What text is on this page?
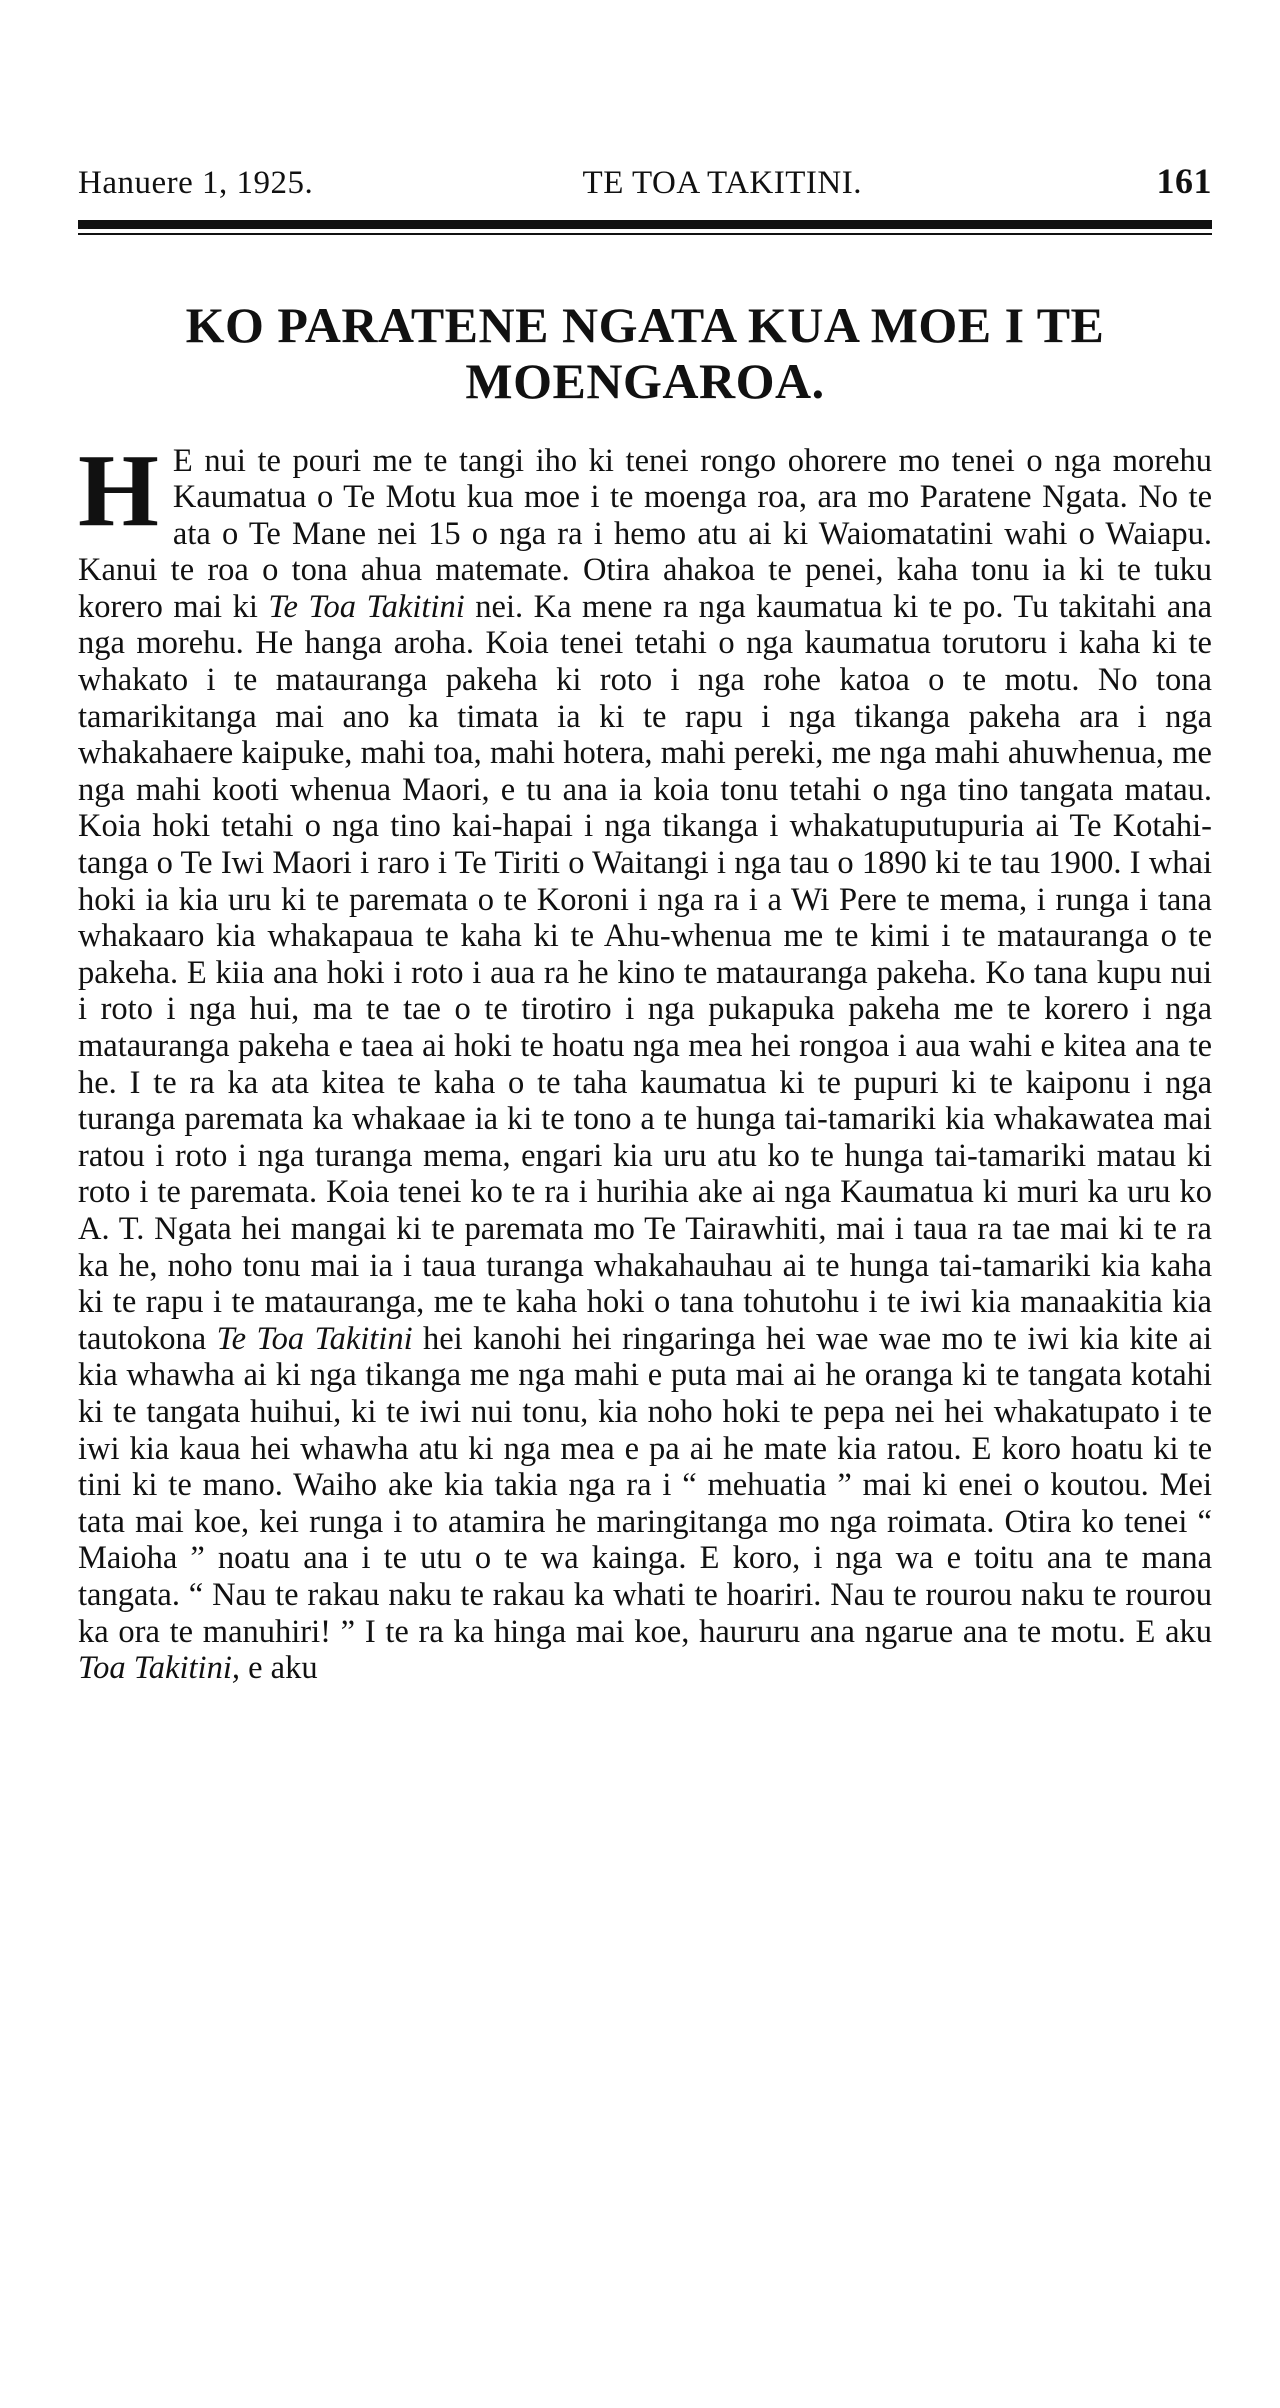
Hanuere 1, 1925.	TE TOA TAKITINI.	161
KO PARATENE NGATA KUA MOE I TE MOENGAROA.
H E nui te pouri me te tangi iho ki tenei rongo ohorere mo tenei o nga morehu Kaumatua o Te Motu kua moe i te moenga roa, ara mo Paratene Ngata. No te ata o Te Mane nei 15 o nga ra i hemo atu ai ki Waiomatatini wahi o Waiapu. Kanui te roa o tona ahua matemate. Otira ahakoa te penei, kaha tonu ia ki te tuku korero mai ki Te Toa Takitini nei. Ka mene ra nga kaumatua ki te po. Tu takitahi ana nga morehu. He hanga aroha. Koia tenei tetahi o nga kaumatua torutoru i kaha ki te whakato i te matauranga pakeha ki roto i nga rohe katoa o te motu. No tona tamarikitanga mai ano ka timata ia ki te rapu i nga tikanga pakeha ara i nga whakahaere kaipuke, mahi toa, mahi hotera, mahi pereki, me nga mahi ahuwhenua, me nga mahi kooti whenua Maori, e tu ana ia koia tonu tetahi o nga tino tangata matau. Koia hoki tetahi o nga tino kai-hapai i nga tikanga i whakatuputupuria ai Te Kotahitanga o Te Iwi Maori i raro i Te Tiriti o Waitangi i nga tau o 1890 ki te tau 1900. I whai hoki ia kia uru ki te paremata o te Koroni i nga ra i a Wi Pere te mema, i runga i tana whakaaro kia whakapaua te kaha ki te Ahu-whenua me te kimi i te matauranga o te pakeha. E kiia ana hoki i roto i aua ra he kino te matauranga pakeha. Ko tana kupu nui i roto i nga hui, ma te tae o te tirotiro i nga pukapuka pakeha me te korero i nga matauranga pakeha e taea ai hoki te hoatu nga mea hei rongoa i aua wahi e kitea ana te he. I te ra ka ata kitea te kaha o te taha kaumatua ki te pupuri ki te kaiponu i nga turanga paremata ka whakaae ia ki te tono a te hunga tai-tamariki kia whakawatea mai ratou i roto i nga turanga mema, engari kia uru atu ko te hunga tai-tamariki matau ki roto i te paremata. Koia tenei ko te ra i hurihia ake ai nga Kaumatua ki muri ka uru ko A. T. Ngata hei mangai ki te paremata mo Te Tairawhiti, mai i taua ra tae mai ki te ra ka he, noho tonu mai ia i taua turanga whakahauhau ai te hunga tai-tamariki kia kaha ki te rapu i te matauranga, me te kaha hoki o tana tohutohu i te iwi kia manaakitia kia tautokona Te Toa Takitini hei kanohi hei ringaringa hei wae wae mo te iwi kia kite ai kia whawha ai ki nga tikanga me nga mahi e puta mai ai he oranga ki te tangata kotahi ki te tangata huihui, ki te iwi nui tonu, kia noho hoki te pepa nei hei whakatupato i te iwi kia kaua hei whawha atu ki nga mea e pa ai he mate kia ratou. E koro hoatu ki te tini ki te mano. Waiho ake kia takia nga ra i “ mehuatia ” mai ki enei o koutou. Mei tata mai koe, kei runga i to atamira he maringitanga mo nga roimata. Otira ko tenei “ Maioha ” noatu ana i te utu o te wa kainga. E koro, i nga wa e toitu ana te mana tangata. “ Nau te rakau naku te rakau ka whati te hoariri. Nau te rourou naku te rourou ka ora te manuhiri! ” I te ra ka hinga mai koe, haururu ana ngarue ana te motu. E aku Toa Takitini, e aku
